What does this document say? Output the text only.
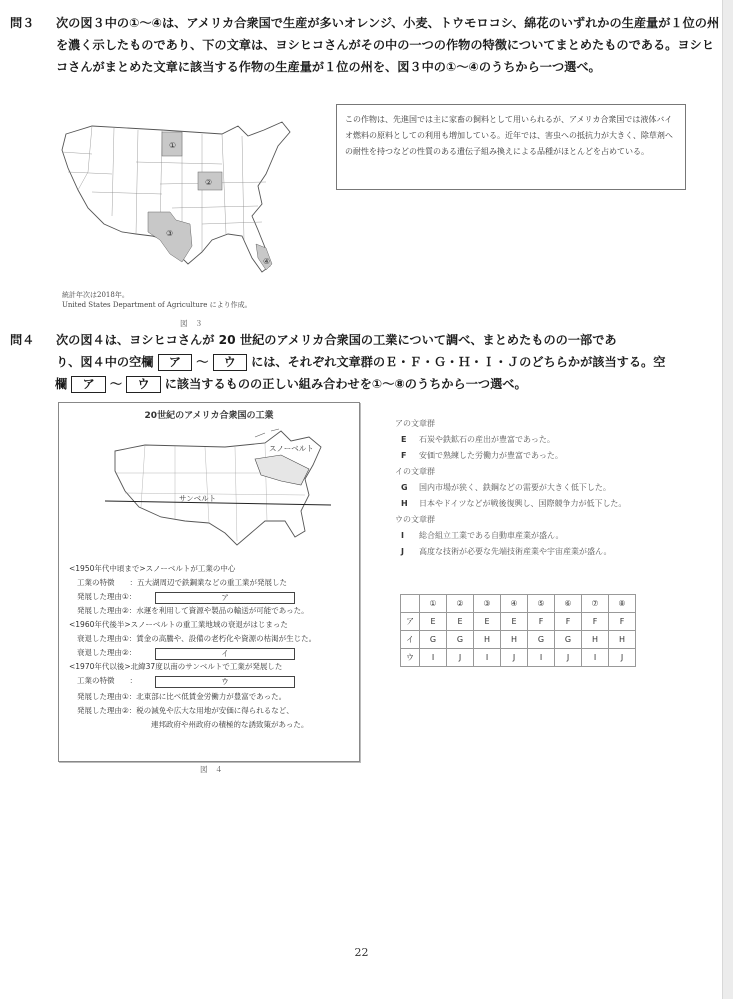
問３	次の図３中の①～④は、アメリカ合衆国で生産が多いオレンジ、小麦、トウモロコシ、綿花のいずれかの生産量が１位の州を濃く示したものであり、下の文章は、ヨシヒコさんがその中の一つの作物の特徴についてまとめたものである。ヨシヒコさんがまとめた文章に該当する作物の生産量が１位の州を、図３中の①～④のうちから一つ選べ。
①
②
③
④
統計年次は2018年。
United States Department of Agriculture により作成。
図　３
この作物は、先進国では主に家畜の飼料として用いられるが、アメリカ合衆国では液体バイオ燃料の原料としての利用も増加している。近年では、害虫への抵抗力が大きく、除草剤への耐性を持つなどの性質のある遺伝子組み換えによる品種がほとんどを占めている。
問４	次の図４は、ヨシヒコさんが 20 世紀のアメリカ合衆国の工業について調べ、まとめたものの一部であ
り、図４中の空欄 ア ～ ウ には、それぞれ文章群のＥ・Ｆ・Ｇ・Ｈ・Ｉ・Ｊのどちらかが該当する。空
欄 ア ～ ウ に該当するものの正しい組み合わせを①～⑧のうちから一つ選べ。
20世紀のアメリカ合衆国の工業
スノーベルト
サンベルト
<1950年代中頃まで>スノーベルトが工業の中心
工業の特徴　　：五大湖周辺で鉄鋼業などの重工業が発展した
発展した理由①：	ア
発展した理由②：水運を利用して資源や製品の輸送が可能であった。
<1960年代後半>スノーベルトの重工業地域の衰退がはじまった
衰退した理由①：賃金の高騰や、設備の老朽化や資源の枯渇が生じた。
衰退した理由②：	イ
<1970年代以後>北緯37度以南のサンベルトで工業が発展した
工業の特徴　　：	ウ
発展した理由①：北東部に比べ低賃金労働力が豊富であった。
発展した理由②：税の減免や広大な用地が安価に得られるなど、
連邦政府や州政府の積極的な誘致策があった。
図　４
アの文章群
E 石炭や鉄鉱石の産出が豊富であった。
F 安価で熟練した労働力が豊富であった。
イの文章群
G 国内市場が狭く、鉄鋼などの需要が大きく低下した。
H 日本やドイツなどが戦後復興し、国際競争力が低下した。
ウの文章群
I 総合組立工業である自動車産業が盛ん。
J 高度な技術が必要な先端技術産業や宇宙産業が盛ん。
	①	②	③	④	⑤	⑥	⑦	⑧
ア	E	E	E	E	F	F	F	F
イ	G	G	H	H	G	G	H	H
ウ	I	J	I	J	I	J	I	J
22
